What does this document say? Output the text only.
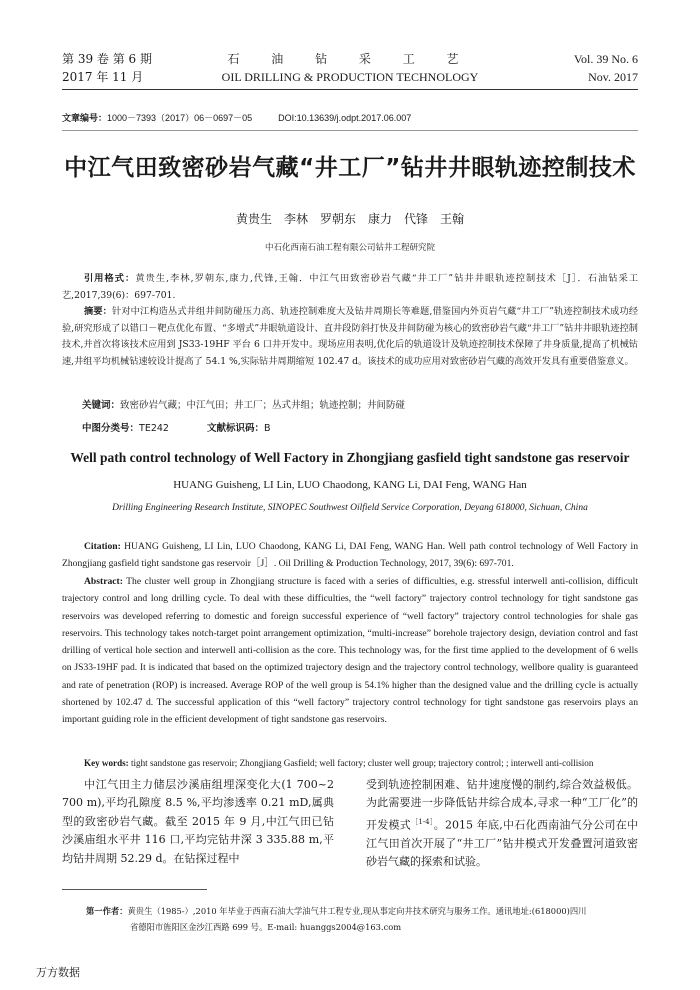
第 39 卷 第 6 期
2017 年 11 月
石 油 钻 采 工 艺
OIL DRILLING & PRODUCTION TECHNOLOGY
Vol. 39 No. 6
Nov. 2017
文章编号：1000－7393（2017）06－0697－05	DOI:10.13639/j.odpt.2017.06.007
中江气田致密砂岩气藏“井工厂”钻井井眼轨迹控制技术
黄贵生　李林　罗朝东　康力　代锋　王翰
中石化西南石油工程有限公司钻井工程研究院
引用格式：黄贵生,李林,罗朝东,康力,代锋,王翰．中江气田致密砂岩气藏“井工厂”钻井井眼轨迹控制技术［J］．石油钻采工艺,2017,39(6)：697-701.
摘要：针对中江构造丛式井组井间防碰压力高、轨迹控制难度大及钻井周期长等难题,借鉴国内外页岩气藏“井工厂”轨迹控制技术成功经验,研究形成了以错口－靶点优化布置、“多增式”井眼轨道设计、直井段防斜打快及井间防碰为核心的致密砂岩气藏“井工厂”钻井井眼轨迹控制技术,并首次将该技术应用到 JS33-19HF 平台 6 口井开发中。现场应用表明,优化后的轨道设计及轨迹控制技术保障了井身质量,提高了机械钻速,井组平均机械钻速较设计提高了 54.1 %,实际钻井周期缩短 102.47 d。该技术的成功应用对致密砂岩气藏的高效开发具有重要借鉴意义。
关键词：致密砂岩气藏；中江气田；井工厂；丛式井组；轨迹控制；井间防碰
中图分类号：TE242	文献标识码：B
Well path control technology of Well Factory in Zhongjiang gasfield tight sandstone gas reservoir
HUANG Guisheng, LI Lin, LUO Chaodong, KANG Li, DAI Feng, WANG Han
Drilling Engineering Research Institute, SINOPEC Southwest Oilfield Service Corporation, Deyang 618000, Sichuan, China
Citation: HUANG Guisheng, LI Lin, LUO Chaodong, KANG Li, DAI Feng, WANG Han. Well path control technology of Well Factory in Zhongjiang gasfield tight sandstone gas reservoir［J］. Oil Drilling & Production Technology, 2017, 39(6): 697-701.
Abstract: The cluster well group in Zhongjiang structure is faced with a series of difficulties, e.g. stressful interwell anti-collision, difficult trajectory control and long drilling cycle. To deal with these difficulties, the “well factory” trajectory control technology for tight sandstone gas reservoirs was developed referring to domestic and foreign successful experience of “well factory” trajectory control technologies for shale gas reservoirs. This technology takes notch-target point arrangement optimization, “multi-increase” borehole trajectory design, deviation control and fast drilling of vertical hole section and interwell anti-collision as the core. This technology was, for the first time applied to the development of 6 wells on JS33-19HF pad. It is indicated that based on the optimized trajectory design and the trajectory control technology, wellbore quality is guaranteed and rate of penetration (ROP) is increased. Average ROP of the well group is 54.1% higher than the designed value and the drilling cycle is actually shortened by 102.47 d. The successful application of this “well factory” trajectory control technology for tight sandstone gas reservoirs plays an important guiding role in the efficient development of tight sandstone gas reservoirs.
Key words: tight sandstone gas reservoir; Zhongjiang Gasfield; well factory; cluster well group; trajectory control; ; interwell anti-collision
中江气田主力储层沙溪庙组埋深变化大(1 700~2 700 m),平均孔隙度 8.5 %,平均渗透率 0.21 mD,属典型的致密砂岩气藏。截至 2015 年 9 月,中江气田已钻沙溪庙组水平井 116 口,平均完钻井深 3 335.88 m,平均钻井周期 52.29 d。在钻探过程中
受到轨迹控制困难、钻井速度慢的制约,综合效益极低。为此需要进一步降低钻井综合成本,寻求一种“工厂化”的开发模式$^{[1-4]}$。2015 年底,中石化西南油气分公司在中江气田首次开展了“井工厂”钻井模式开发叠置河道致密砂岩气藏的探索和试验。
第一作者：黄贵生（1985-）,2010 年毕业于西南石油大学油气井工程专业,现从事定向井技术研究与服务工作。通讯地址:(618000)四川
省德阳市旌阳区金沙江西路 699 号。E-mail: huanggs2004@163.com
万方数据
